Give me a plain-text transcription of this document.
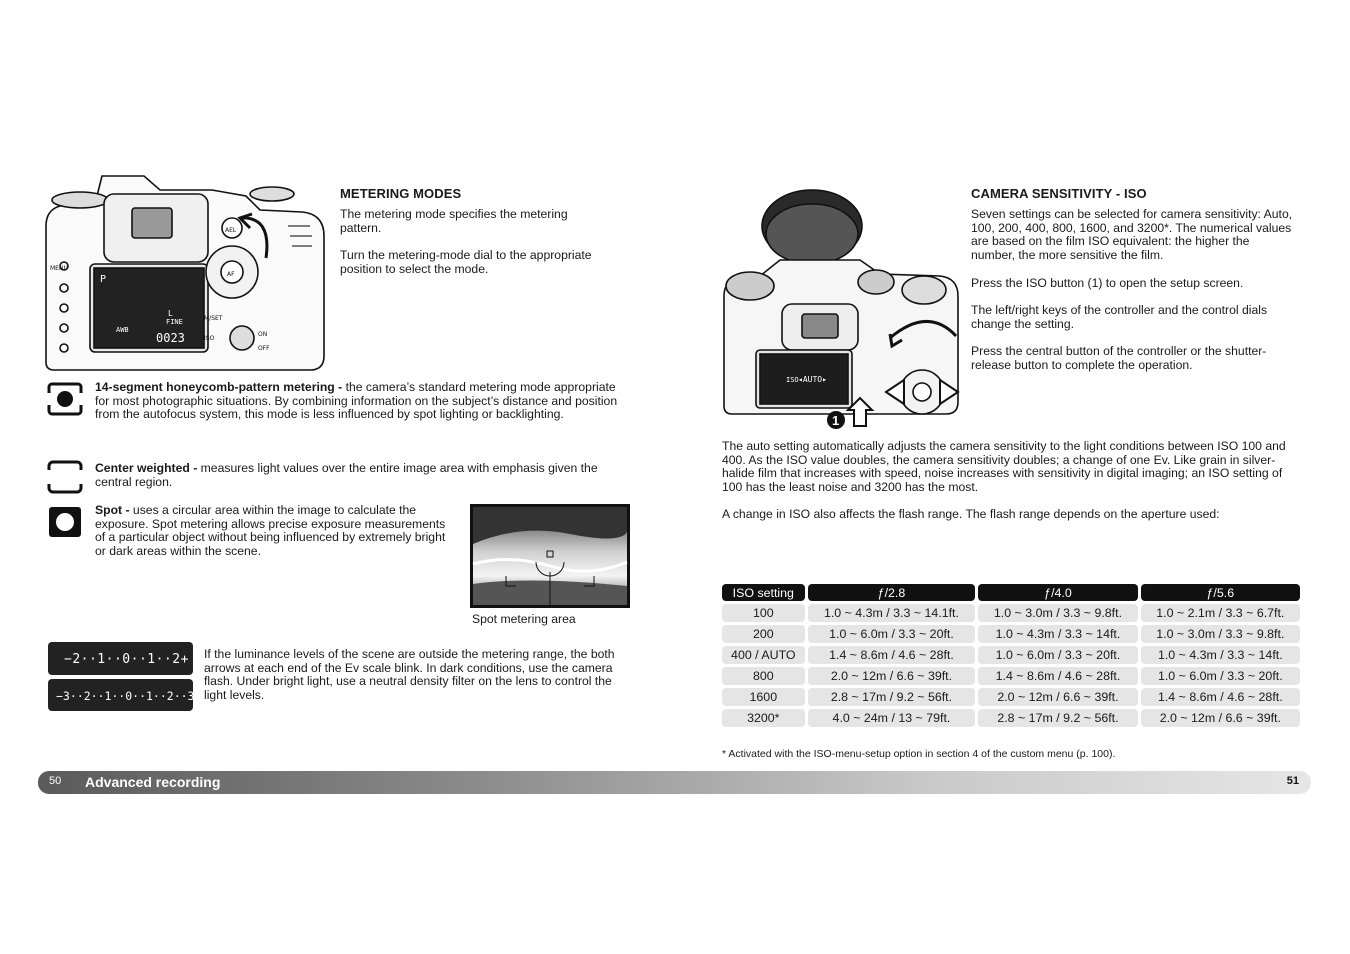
P
L
FINE
AWB
0023
MENU
M/SET
ISO
ON
OFF
AEL
AF
METERING MODES

The metering mode specifies the metering pattern.

Turn the metering-mode dial to the appropriate position to select the mode.

14-segment honeycomb-pattern metering - the camera’s standard metering mode appropriate for most photographic situations. By combining information on the subject’s distance and position from the autofocus system, this mode is less influenced by spot lighting or backlighting.

Center weighted - measures light values over the entire image area with emphasis given the central region.

Spot - uses a circular area within the image to calculate the exposure. Spot metering allows precise exposure measurements of a particular object without being influenced by extremely bright or dark areas within the scene.

Spot metering area

−2··1··0··1··2+
−3··2··1··0··1··2··3+

If the luminance levels of the scene are outside the metering range, the both arrows at each end of the Ev scale blink. In dark conditions, use the camera flash. Under bright light, use a neutral density filter on the lens to control the light levels.

1
ISO ◂AUTO▸
CAMERA SENSITIVITY - ISO

Seven settings can be selected for camera sensitivity: Auto, 100, 200, 400, 800, 1600, and 3200*. The numerical values are based on the film ISO equivalent: the higher the number, the more sensitive the film.

Press the ISO button (1) to open the setup screen.

The left/right keys of the controller and the control dials change the setting.

Press the central button of the controller or the shutter-release button to complete the operation.

The auto setting automatically adjusts the camera sensitivity to the light conditions between ISO 100 and 400. As the ISO value doubles, the camera sensitivity doubles; a change of one Ev. Like grain in silver-halide film that increases with speed, noise increases with sensitivity in digital imaging; an ISO setting of 100 has the least noise and 3200 has the most.

A change in ISO also affects the flash range. The flash range depends on the aperture used:

ISO setting	ƒ/2.8	ƒ/4.0	ƒ/5.6
100	1.0 ~ 4.3m / 3.3 ~ 14.1ft.	1.0 ~ 3.0m / 3.3 ~ 9.8ft.	1.0 ~ 2.1m / 3.3 ~ 6.7ft.
200	1.0 ~ 6.0m / 3.3 ~ 20ft.	1.0 ~ 4.3m / 3.3 ~ 14ft.	1.0 ~ 3.0m / 3.3 ~ 9.8ft.
400 / AUTO	1.4 ~ 8.6m / 4.6 ~ 28ft.	1.0 ~ 6.0m / 3.3 ~ 20ft.	1.0 ~ 4.3m / 3.3 ~ 14ft.
800	2.0 ~ 12m / 6.6 ~ 39ft.	1.4 ~ 8.6m / 4.6 ~ 28ft.	1.0 ~ 6.0m / 3.3 ~ 20ft.
1600	2.8 ~ 17m / 9.2 ~ 56ft.	2.0 ~ 12m / 6.6 ~ 39ft.	1.4 ~ 8.6m / 4.6 ~ 28ft.
3200*	4.0 ~ 24m / 13 ~ 79ft.	2.8 ~ 17m / 9.2 ~ 56ft.	2.0 ~ 12m / 6.6 ~ 39ft.

* Activated with the ISO-menu-setup option in section 4 of the custom menu (p. 100).

50 Advanced recording	51
